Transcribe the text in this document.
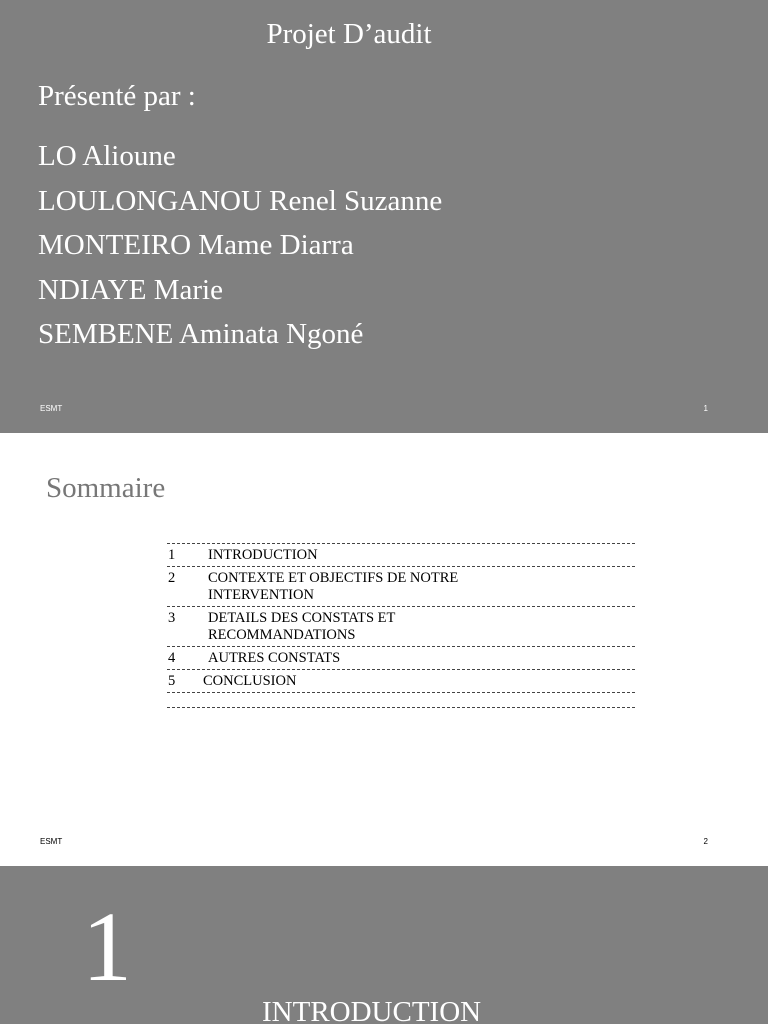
Projet D’audit
Présenté par :
LO Alioune
LOULONGANOU Renel Suzanne
MONTEIRO Mame Diarra
NDIAYE Marie
SEMBENE Aminata Ngoné
ESMT	1
Sommaire
1 INTRODUCTION
2 CONTEXTE ET OBJECTIFS DE NOTRE INTERVENTION
3 DETAILS DES CONSTATS ET RECOMMANDATIONS
4 AUTRES CONSTATS
5 CONCLUSION
ESMT	2
1
INTRODUCTION
